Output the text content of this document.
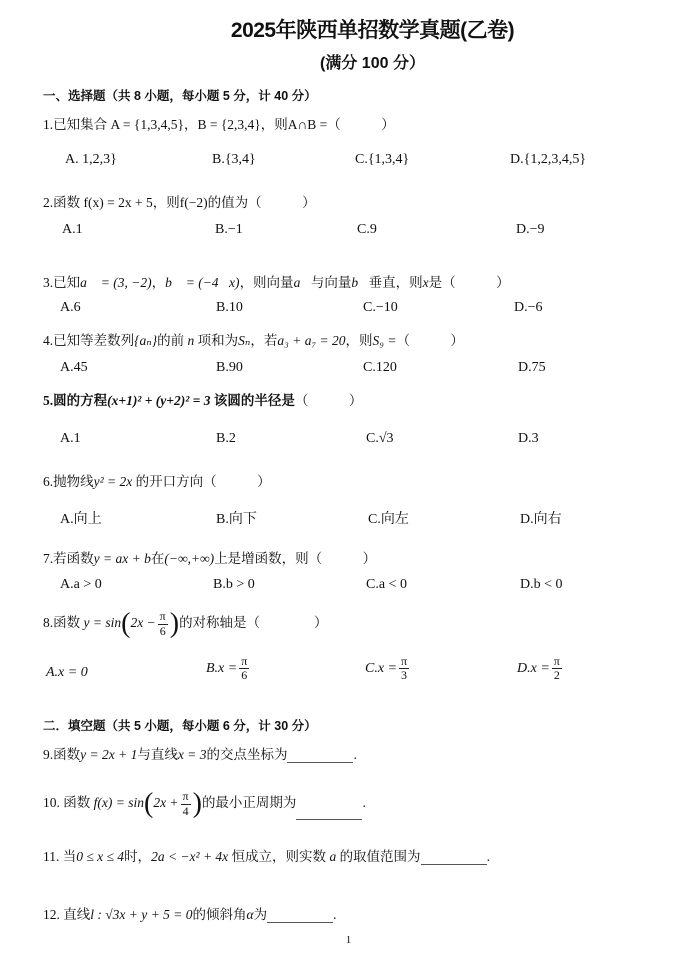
2025年陕西单招数学真题(乙卷)
(满分 100 分）
一、选择题（共 8 小题，每小题 5 分，计 40 分）
1.已知集合 A = {1,3,4,5}，B = {2,3,4}，则A∩B =（　　　）
A. 1,2,3}	B.{3,4}	C.{1,3,4}	D.{1,2,3,4,5}
2.函数 f(x) = 2x + 5，则f(−2)的值为（　　　）
A.1	B.−1	C.9	D.−9
3.已知a⃗ = (3, −2)，b⃗ = (−4，x)，则向量a⃗与向量b⃗垂直，则x是（　　　）
A.6	B.10	C.−10	D.−6
4.已知等差数列{aₙ}的前 n 项和为Sₙ，若a₃ + a₇ = 20，则S₉ =（　　　）
A.45	B.90	C.120	D.75
5.圆的方程(x+1)² + (y+2)² = 3 该圆的半径是（　　　）
A.1	B.2	C.√3	D.3
6.抛物线y² = 2x 的开口方向（　　　）
A.向上	B.向下	C.向左	D.向右
7.若函数y = ax + b在(−∞,+∞)上是增函数，则（　　　）
A.a > 0	B.b > 0	C.a < 0	D.b < 0
8.函数 $y = \sin(2x - \frac{\pi}{6}$ )的对称轴是（　　　　）
A.x = 0	$B.x = \frac{\pi}{6}$	$C.x = \frac{\pi}{3}$	$D.x = \frac{\pi}{2}$
二．填空题（共 5 小题，每小题 6 分，计 30 分）
9.函数y = 2x + 1与直线x = 3的交点坐标为	.
10. 函数 $f(x) = \sin(2x + \frac{\pi}{4}$ )的最小正周期为	.
11. 当0 ≤ x ≤ 4时，2a < −x² + 4x 恒成立，则实数 a 的取值范围为	.
12. 直线l : √3x + y + 5 = 0的倾斜角α为	.
1
